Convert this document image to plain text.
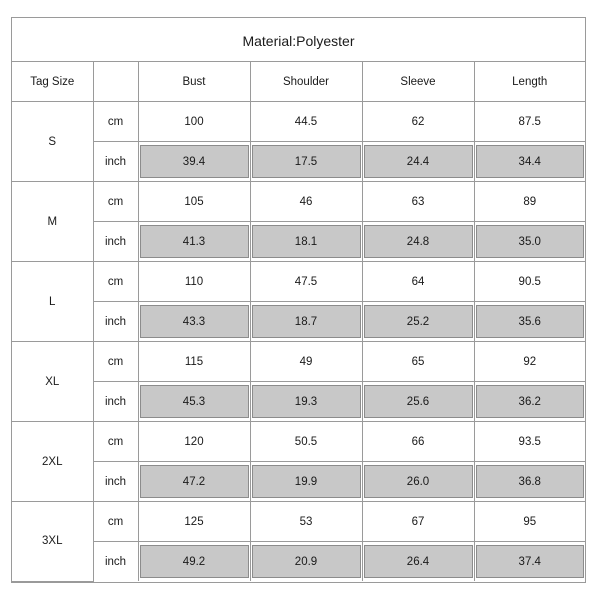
Material:Polyester
Tag Size		Bust	Shoulder	Sleeve	Length
S	cm	100	44.5	62	87.5

	inch	39.4	17.5	24.4	34.4

M	cm	105	46	63	89

	inch	41.3	18.1	24.8	35.0

L	cm	110	47.5	64	90.5

	inch	43.3	18.7	25.2	35.6

XL	cm	115	49	65	92

	inch	45.3	19.3	25.6	36.2

2XL	cm	120	50.5	66	93.5

	inch	47.2	19.9	26.0	36.8

3XL	cm	125	53	67	95

	inch	49.2	20.9	26.4	37.4
